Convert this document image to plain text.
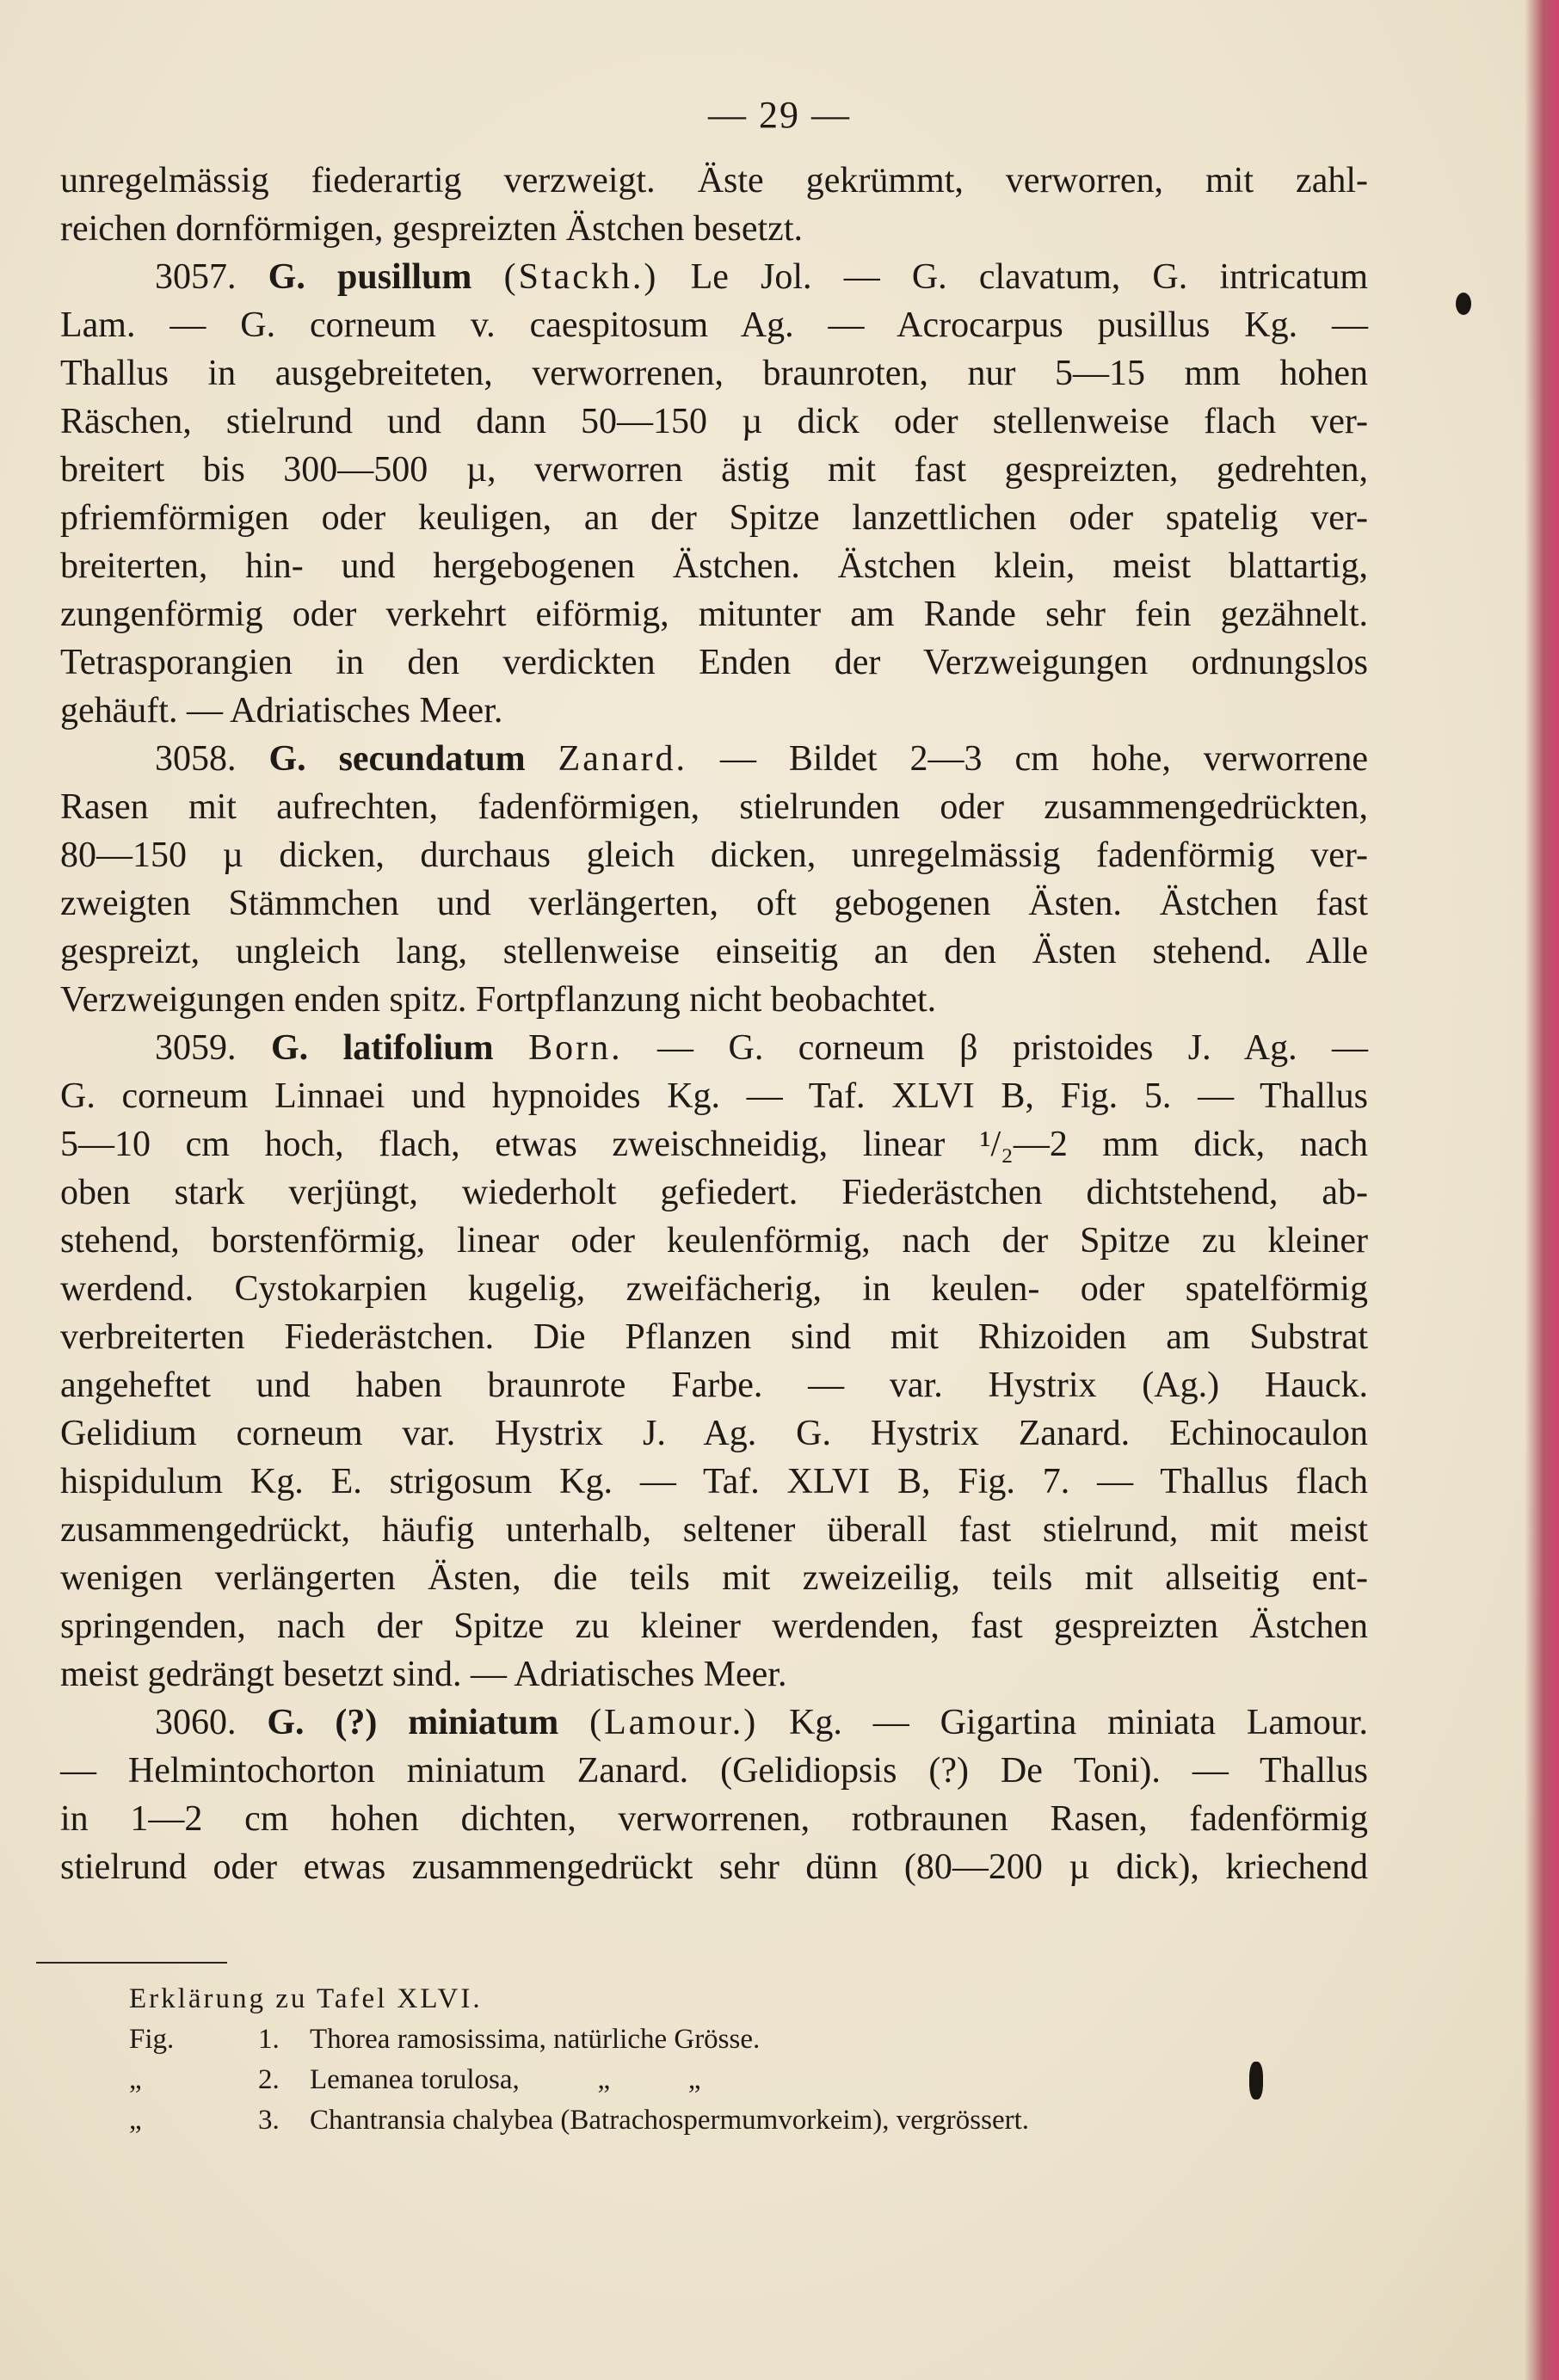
— 29 —
unregelmässig fiederartig verzweigt. Äste gekrümmt, verworren, mit zahl-
reichen dornförmigen, gespreizten Ästchen besetzt.
3057. G. pusillum (Stackh.) Le Jol. — G. clavatum, G. intricatum
Lam. — G. corneum v. caespitosum Ag. — Acrocarpus pusillus Kg. —
Thallus in ausgebreiteten, verworrenen, braunroten, nur 5—15 mm hohen
Räschen, stielrund und dann 50—150 µ dick oder stellenweise flach ver-
breitert bis 300—500 µ, verworren ästig mit fast gespreizten, gedrehten,
pfriemförmigen oder keuligen, an der Spitze lanzettlichen oder spatelig ver-
breiterten, hin- und hergebogenen Ästchen. Ästchen klein, meist blattartig,
zungenförmig oder verkehrt eiförmig, mitunter am Rande sehr fein gezähnelt.
Tetrasporangien in den verdickten Enden der Verzweigungen ordnungslos
gehäuft. — Adriatisches Meer.
3058. G. secundatum Zanard. — Bildet 2—3 cm hohe, verworrene
Rasen mit aufrechten, fadenförmigen, stielrunden oder zusammengedrückten,
80—150 µ dicken, durchaus gleich dicken, unregelmässig fadenförmig ver-
zweigten Stämmchen und verlängerten, oft gebogenen Ästen. Ästchen fast
gespreizt, ungleich lang, stellenweise einseitig an den Ästen stehend. Alle
Verzweigungen enden spitz. Fortpflanzung nicht beobachtet.
3059. G. latifolium Born. — G. corneum β pristoides J. Ag. —
G. corneum Linnaei und hypnoides Kg. — Taf. XLVI B, Fig. 5. — Thallus
5—10 cm hoch, flach, etwas zweischneidig, linear ¹/₂—2 mm dick, nach
oben stark verjüngt, wiederholt gefiedert. Fiederästchen dichtstehend, ab-
stehend, borstenförmig, linear oder keulenförmig, nach der Spitze zu kleiner
werdend. Cystokarpien kugelig, zweifächerig, in keulen- oder spatelförmig
verbreiterten Fiederästchen. Die Pflanzen sind mit Rhizoiden am Substrat
angeheftet und haben braunrote Farbe. — var. Hystrix (Ag.) Hauck.
Gelidium corneum var. Hystrix J. Ag. G. Hystrix Zanard. Echinocaulon
hispidulum Kg. E. strigosum Kg. — Taf. XLVI B, Fig. 7. — Thallus flach
zusammengedrückt, häufig unterhalb, seltener überall fast stielrund, mit meist
wenigen verlängerten Ästen, die teils mit zweizeilig, teils mit allseitig ent-
springenden, nach der Spitze zu kleiner werdenden, fast gespreizten Ästchen
meist gedrängt besetzt sind. — Adriatisches Meer.
3060. G. (?) miniatum (Lamour.) Kg. — Gigartina miniata Lamour.
— Helmintochorton miniatum Zanard. (Gelidiopsis (?) De Toni). — Thallus
in 1—2 cm hohen dichten, verworrenen, rotbraunen Rasen, fadenförmig
stielrund oder etwas zusammengedrückt sehr dünn (80—200 µ dick), kriechend
Erklärung zu Tafel XLVI.
Fig.	1.	Thorea ramosissima, natürliche Grösse.
„	2.	Lemanea torulosa,           „           „
„	3.	Chantransia chalybea (Batrachospermumvorkeim), vergrössert.
